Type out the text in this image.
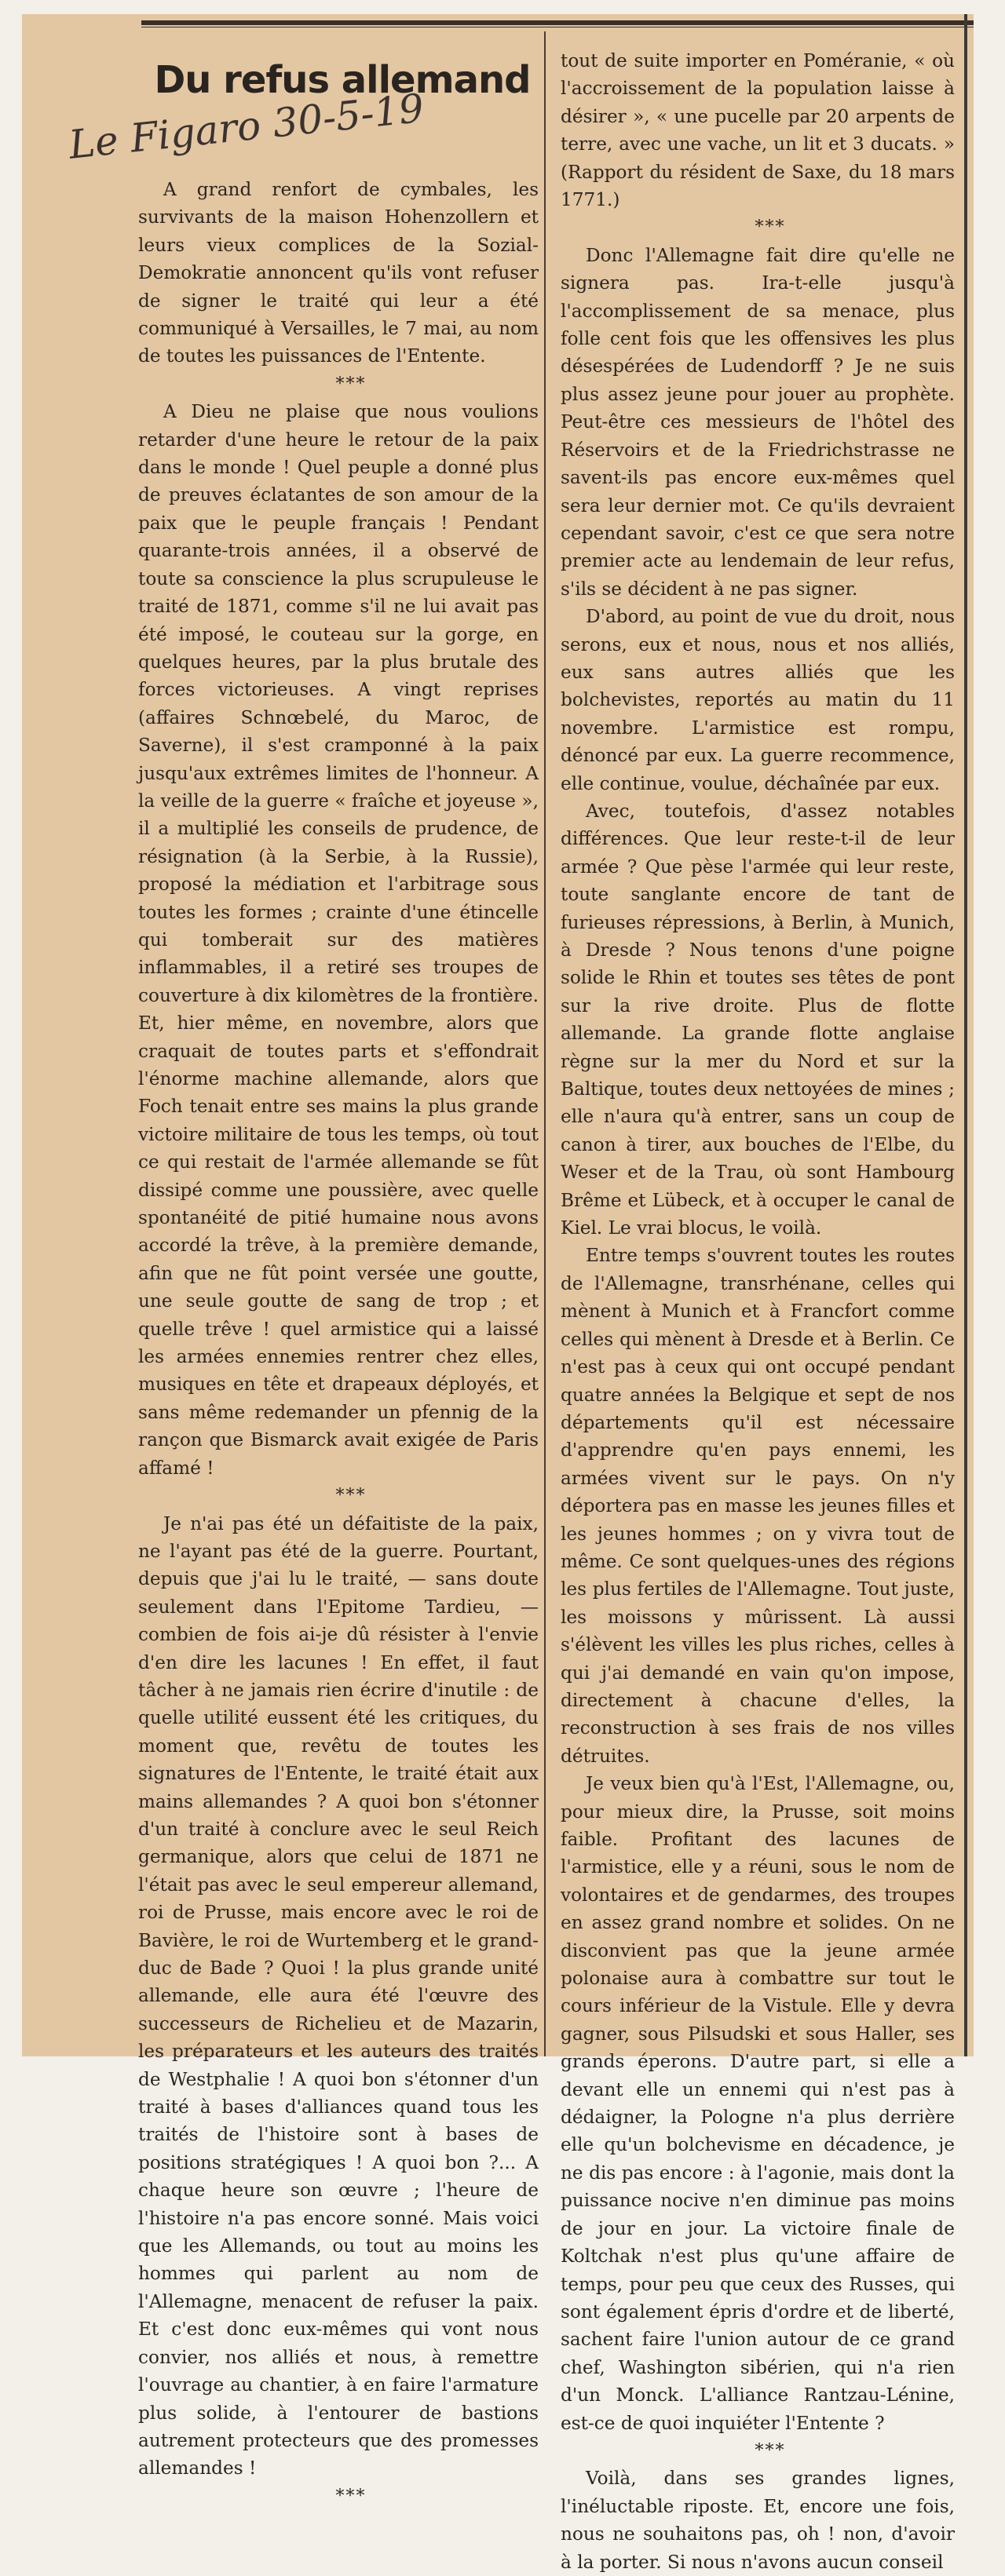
Du refus allemand
Le Figaro 30-5-19

A grand renfort de cymbales, les survivants de la maison Hohenzollern et leurs vieux complices de la Sozial-Demokratie annoncent qu'ils vont refuser de signer le traité qui leur a été communiqué à Versailles, le 7 mai, au nom de toutes les puissances de l'Entente.

***

A Dieu ne plaise que nous voulions retarder d'une heure le retour de la paix dans le monde ! Quel peuple a donné plus de preuves éclatantes de son amour de la paix que le peuple français ! Pendant quarante-trois années, il a observé de toute sa conscience la plus scrupuleuse le traité de 1871, comme s'il ne lui avait pas été imposé, le couteau sur la gorge, en quelques heures, par la plus brutale des forces victorieuses. A vingt reprises (affaires Schnœbelé, du Maroc, de Saverne), il s'est cramponné à la paix jusqu'aux extrêmes limites de l'honneur. A la veille de la guerre « fraîche et joyeuse », il a multiplié les conseils de prudence, de résignation (à la Serbie, à la Russie), proposé la médiation et l'arbitrage sous toutes les formes ; crainte d'une étincelle qui tomberait sur des matières inflammables, il a retiré ses troupes de couverture à dix kilomètres de la frontière. Et, hier même, en novembre, alors que craquait de toutes parts et s'effondrait l'énorme machine allemande, alors que Foch tenait entre ses mains la plus grande victoire militaire de tous les temps, où tout ce qui restait de l'armée allemande se fût dissipé comme une poussière, avec quelle spontanéité de pitié humaine nous avons accordé la trêve, à la première demande, afin que ne fût point versée une goutte, une seule goutte de sang de trop ; et quelle trêve ! quel armistice qui a laissé les armées ennemies rentrer chez elles, musiques en tête et drapeaux déployés, et sans même redemander un pfennig de la rançon que Bismarck avait exigée de Paris affamé !

***

Je n'ai pas été un défaitiste de la paix, ne l'ayant pas été de la guerre. Pourtant, depuis que j'ai lu le traité, — sans doute seulement dans l'Epitome Tardieu, — combien de fois ai-je dû résister à l'envie d'en dire les lacunes ! En effet, il faut tâcher à ne jamais rien écrire d'inutile : de quelle utilité eussent été les critiques, du moment que, revêtu de toutes les signatures de l'Entente, le traité était aux mains allemandes ? A quoi bon s'étonner d'un traité à conclure avec le seul Reich germanique, alors que celui de 1871 ne l'était pas avec le seul empereur allemand, roi de Prusse, mais encore avec le roi de Bavière, le roi de Wurtemberg et le grand-duc de Bade ? Quoi ! la plus grande unité allemande, elle aura été l'œuvre des successeurs de Richelieu et de Mazarin, les préparateurs et les auteurs des traités de Westphalie ! A quoi bon s'étonner d'un traité à bases d'alliances quand tous les traités de l'histoire sont à bases de positions stratégiques ! A quoi bon ?... A chaque heure son œuvre ; l'heure de l'histoire n'a pas encore sonné. Mais voici que les Allemands, ou tout au moins les hommes qui parlent au nom de l'Allemagne, menacent de refuser la paix. Et c'est donc eux-mêmes qui vont nous convier, nos alliés et nous, à remettre l'ouvrage au chantier, à en faire l'armature plus solide, à l'entourer de bastions autrement protecteurs que des promesses allemandes !

***

tout de suite importer en Poméranie, « où l'accroissement de la population laisse à désirer », « une pucelle par 20 arpents de terre, avec une vache, un lit et 3 ducats. » (Rapport du résident de Saxe, du 18 mars 1771.)

***

Donc l'Allemagne fait dire qu'elle ne signera pas. Ira-t-elle jusqu'à l'accomplissement de sa menace, plus folle cent fois que les offensives les plus désespérées de Ludendorff ? Je ne suis plus assez jeune pour jouer au prophète. Peut-être ces messieurs de l'hôtel des Réservoirs et de la Friedrichstrasse ne savent-ils pas encore eux-mêmes quel sera leur dernier mot. Ce qu'ils devraient cependant savoir, c'est ce que sera notre premier acte au lendemain de leur refus, s'ils se décident à ne pas signer.

D'abord, au point de vue du droit, nous serons, eux et nous, nous et nos alliés, eux sans autres alliés que les bolchevistes, reportés au matin du 11 novembre. L'armistice est rompu, dénoncé par eux. La guerre recommence, elle continue, voulue, déchaînée par eux.

Avec, toutefois, d'assez notables différences. Que leur reste-t-il de leur armée ? Que pèse l'armée qui leur reste, toute sanglante encore de tant de furieuses répressions, à Berlin, à Munich, à Dresde ? Nous tenons d'une poigne solide le Rhin et toutes ses têtes de pont sur la rive droite. Plus de flotte allemande. La grande flotte anglaise règne sur la mer du Nord et sur la Baltique, toutes deux nettoyées de mines ; elle n'aura qu'à entrer, sans un coup de canon à tirer, aux bouches de l'Elbe, du Weser et de la Trau, où sont Hambourg Brême et Lübeck, et à occuper le canal de Kiel. Le vrai blocus, le voilà.

Entre temps s'ouvrent toutes les routes de l'Allemagne, transrhénane, celles qui mènent à Munich et à Francfort comme celles qui mènent à Dresde et à Berlin. Ce n'est pas à ceux qui ont occupé pendant quatre années la Belgique et sept de nos départements qu'il est nécessaire d'apprendre qu'en pays ennemi, les armées vivent sur le pays. On n'y déportera pas en masse les jeunes filles et les jeunes hommes ; on y vivra tout de même. Ce sont quelques-unes des régions les plus fertiles de l'Allemagne. Tout juste, les moissons y mûrissent. Là aussi s'élèvent les villes les plus riches, celles à qui j'ai demandé en vain qu'on impose, directement à chacune d'elles, la reconstruction à ses frais de nos villes détruites.

Je veux bien qu'à l'Est, l'Allemagne, ou, pour mieux dire, la Prusse, soit moins faible. Profitant des lacunes de l'armistice, elle y a réuni, sous le nom de volontaires et de gendarmes, des troupes en assez grand nombre et solides. On ne disconvient pas que la jeune armée polonaise aura à combattre sur tout le cours inférieur de la Vistule. Elle y devra gagner, sous Pilsudski et sous Haller, ses grands éperons. D'autre part, si elle a devant elle un ennemi qui n'est pas à dédaigner, la Pologne n'a plus derrière elle qu'un bolchevisme en décadence, je ne dis pas encore : à l'agonie, mais dont la puissance nocive n'en diminue pas moins de jour en jour. La victoire finale de Koltchak n'est plus qu'une affaire de temps, pour peu que ceux des Russes, qui sont également épris d'ordre et de liberté, sachent faire l'union autour de ce grand chef, Washington sibérien, qui n'a rien d'un Monck. L'alliance Rantzau-Lénine, est-ce de quoi inquiéter l'Entente ?

***

Voilà, dans ses grandes lignes, l'inéluctable riposte. Et, encore une fois, nous ne souhaitons pas, oh ! non, d'avoir à la porter. Si nous n'avons aucun conseil
